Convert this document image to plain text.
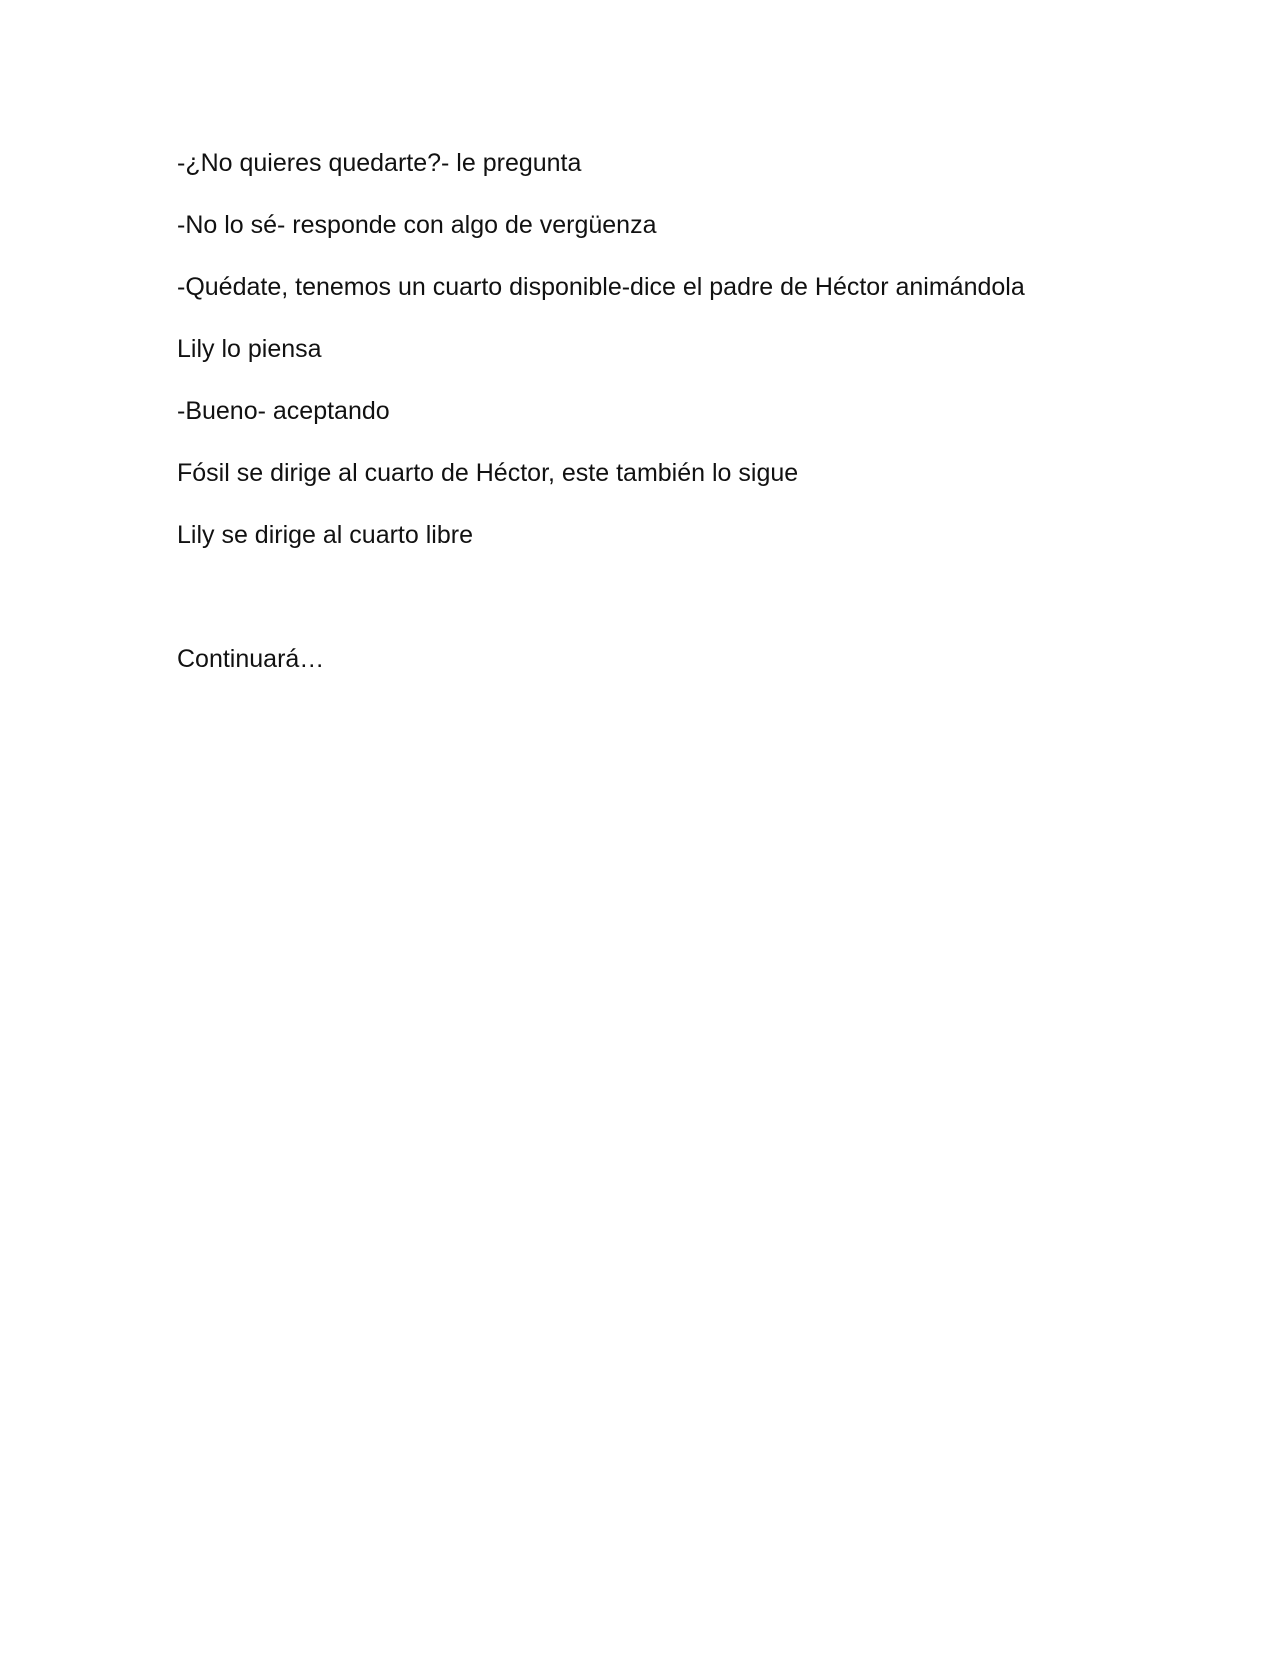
-¿No quieres quedarte?- le pregunta

-No lo sé- responde con algo de vergüenza

-Quédate, tenemos un cuarto disponible-dice el padre de Héctor animándola

Lily lo piensa

-Bueno- aceptando

Fósil se dirige al cuarto de Héctor, este también lo sigue

Lily se dirige al cuarto libre

Continuará…
